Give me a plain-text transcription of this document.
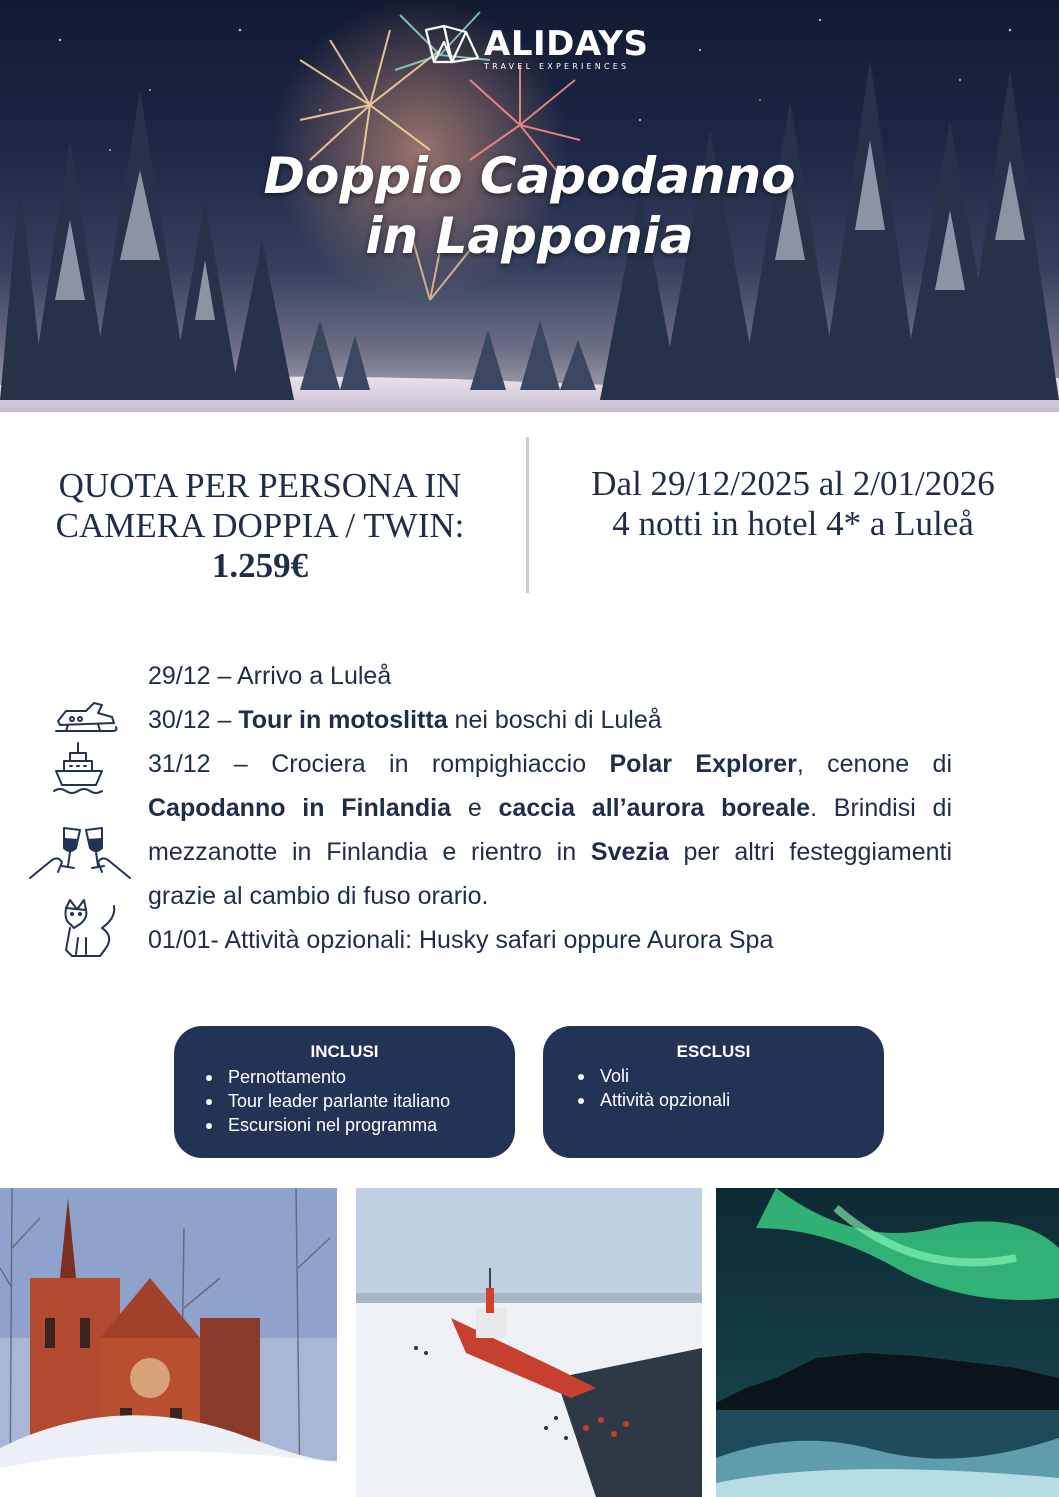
ALIDAYS
TRAVEL EXPERIENCES
Doppio Capodanno
in Lapponia
QUOTA PER PERSONA IN
CAMERA DOPPIA / TWIN:
1.259€
Dal 29/12/2025 al 2/01/2026
4 notti in hotel 4* a Luleå

29/12 – Arrivo a Luleå

30/12 – Tour in motoslitta nei boschi di Luleå

31/12 – Crociera in rompighiaccio Polar Explorer, cenone di Capodanno in Finlandia e caccia all’aurora boreale. Brindisi di mezzanotte in Finlandia e rientro in Svezia per altri festeggiamenti grazie al cambio di fuso orario.

01/01- Attività opzionali: Husky safari oppure Aurora Spa

INCLUSI
Pernottamento
Tour leader parlante italiano
Escursioni nel programma
ESCLUSI
Voli
Attività opzionali
